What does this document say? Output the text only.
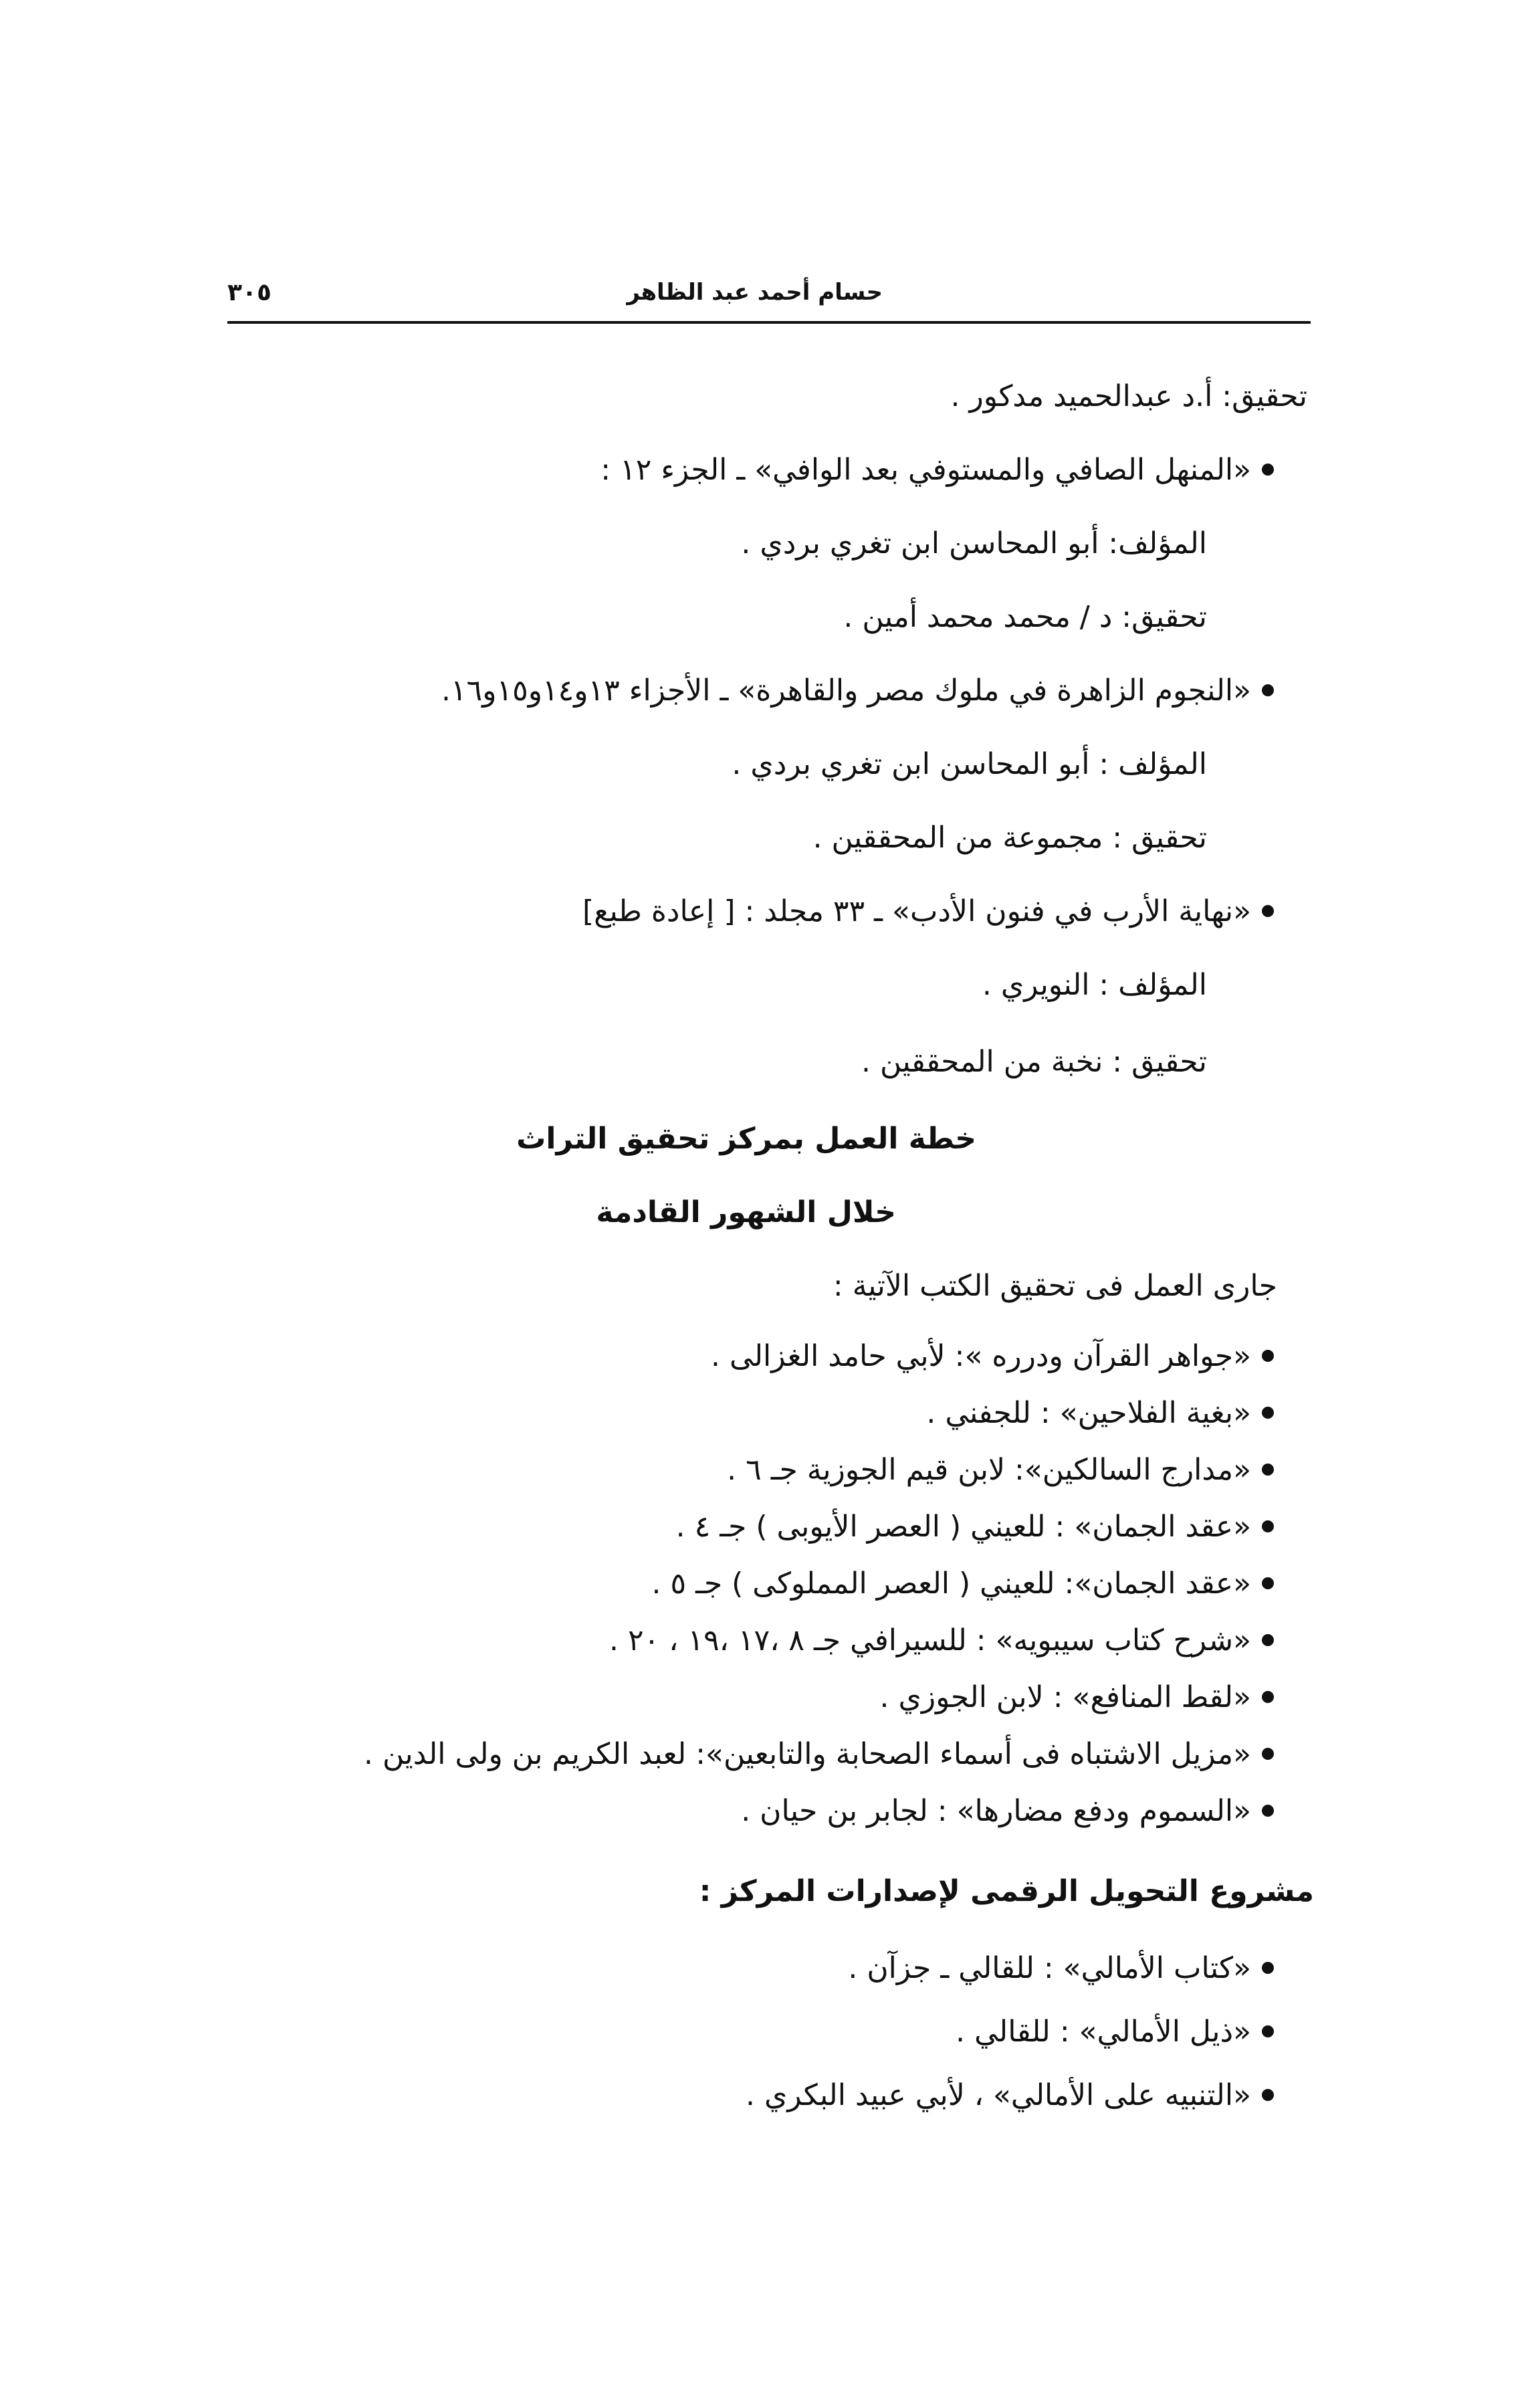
حسام أحمد عبد الظاهر
٣٠٥
تحقيق: أ.د عبدالحميد مدكور .
«المنهل الصافي والمستوفي بعد الوافي» ـ الجزء ١٢ :
المؤلف: أبو المحاسن ابن تغري بردي .
تحقيق: د / محمد محمد أمين .
«النجوم الزاهرة في ملوك مصر والقاهرة» ـ الأجزاء ١٣و١٤و١٥و١٦.
المؤلف : أبو المحاسن ابن تغري بردي .
تحقيق : مجموعة من المحققين .
«نهاية الأرب في فنون الأدب» ـ ٣٣ مجلد : [ إعادة طبع]
المؤلف : النويري .
تحقيق : نخبة من المحققين .
خطة العمل بمركز تحقيق التراث
خلال الشهور القادمة
جارى العمل فى تحقيق الكتب الآتية :
«جواهر القرآن ودرره »: لأبي حامد الغزالى .
«بغية الفلاحين» : للجفني .
«مدارج السالكين»: لابن قيم الجوزية جـ ٦ .
«عقد الجمان» : للعيني ( العصر الأيوبى ) جـ ٤ .
«عقد الجمان»: للعيني ( العصر المملوكى ) جـ ٥ .
«شرح كتاب سيبويه» : للسيرافي جـ ٨ ،١٧ ،١٩ ، ٢٠ .
«لقط المنافع» : لابن الجوزي .
«مزيل الاشتباه فى أسماء الصحابة والتابعين»: لعبد الكريم بن ولى الدين .
«السموم ودفع مضارها» : لجابر بن حيان .
مشروع التحويل الرقمى لإصدارات المركز :
«كتاب الأمالي» : للقالي ـ جزآن .
«ذيل الأمالي» : للقالي .
«التنبيه على الأمالي» ، لأبي عبيد البكري .
